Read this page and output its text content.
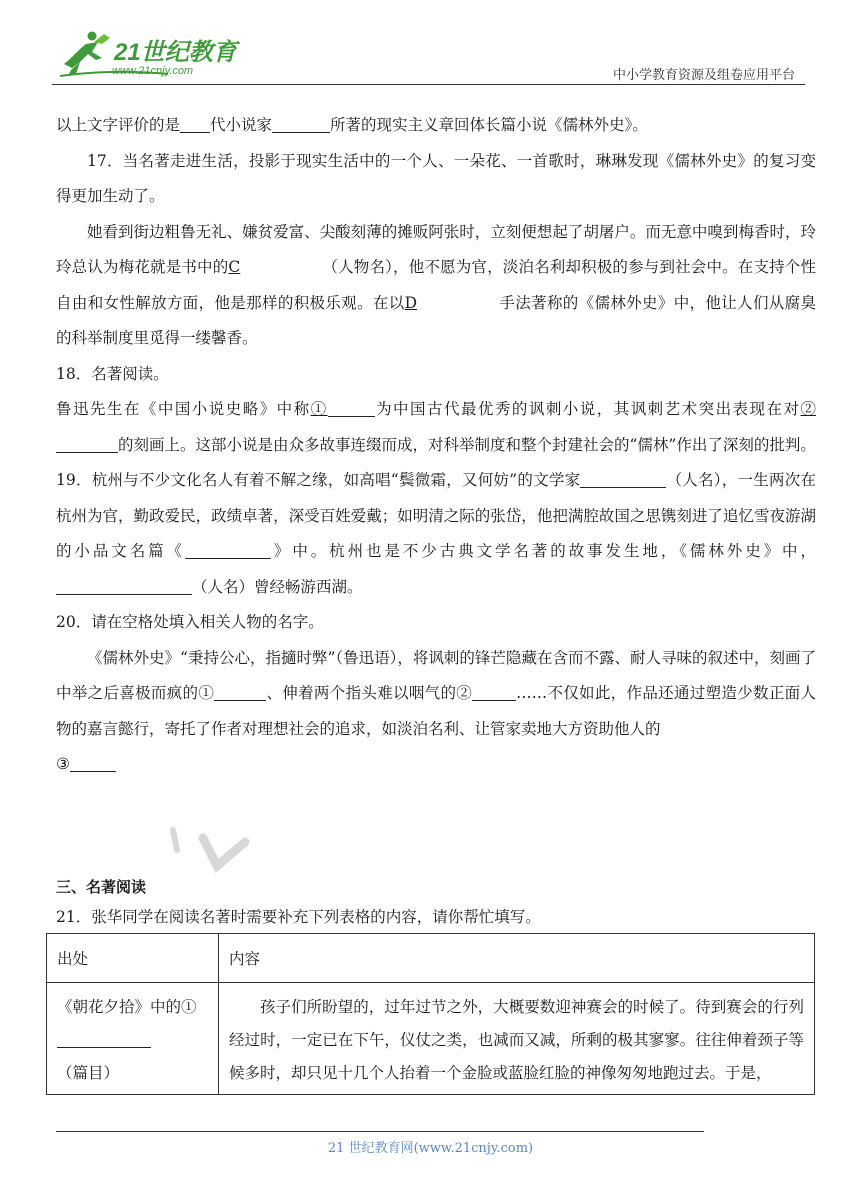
21世纪教育
www.21cnjy.com	中小学教育资源及组卷应用平台

以上文字评价的是 代小说家	所著的现实主义章回体长篇小说《儒林外史》。

17．当名著走进生活，投影于现实生活中的一个人、一朵花、一首歌时，琳琳发现《儒林外史》的复习变得更加生动了。

她看到街边粗鲁无礼、嫌贫爱富、尖酸刻薄的摊贩阿张时，立刻便想起了胡屠户。而无意中嗅到梅香时，玲玲总认为梅花就是书中的C	（人物名），他不愿为官，淡泊名利却积极的参与到社会中。在支持个性自由和女性解放方面，他是那样的积极乐观。在以D	手法著称的《儒林外史》中，他让人们从腐臭的科举制度里觅得一缕馨香。

18．名著阅读。

鲁迅先生在《中国小说史略》中称①	为中国古代最优秀的讽刺小说，其讽刺艺术突出表现在对②的刻画上。这部小说是由众多故事连缀而成，对科举制度和整个封建社会的“儒林”作出了深刻的批判。

19．杭州与不少文化名人有着不解之缘，如高唱“鬓微霜，又何妨”的文学家	（人名），一生两次在杭州为官，勤政爱民，政绩卓著，深受百姓爱戴；如明清之际的张岱，他把满腔故国之思镌刻进了追忆雪夜游湖的小品文名篇《	》中。杭州也是不少古典文学名著的故事发生地，《儒林外史》中，（人名）曾经畅游西湖。

20．请在空格处填入相关人物的名字。

《儒林外史》“秉持公心，指擿时弊”（鲁迅语），将讽刺的锋芒隐藏在含而不露、耐人寻味的叙述中，刻画了中举之后喜极而疯的①	、伸着两个指头难以咽气的②	……不仅如此，作品还通过塑造少数正面人物的嘉言懿行，寄托了作者对理想社会的追求，如淡泊名利、让管家卖地大方资助他人的

③

三、名著阅读
21．张华同学在阅读名著时需要补充下列表格的内容，请你帮忙填写。
出处	内容
《朝花夕拾》中的①（篇目）	孩子们所盼望的，过年过节之外，大概要数迎神赛会的时候了。待到赛会的行列经过时，一定已在下午，仪仗之类，也减而又减，所剩的极其寥寥。往往伸着颈子等候多时，却只见十几个人抬着一个金脸或蓝脸红脸的神像匆匆地跑过去。于是，
21 世纪教育网(www.21cnjy.com)
